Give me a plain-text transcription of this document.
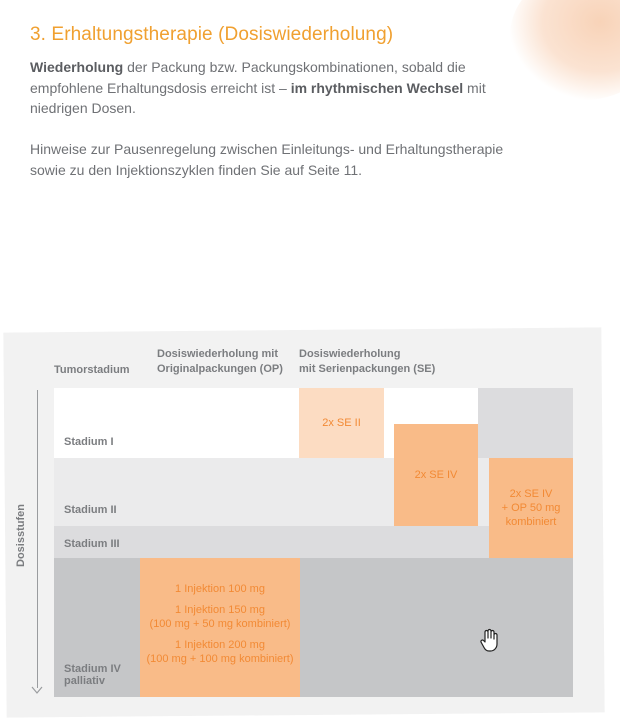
3. Erhaltungstherapie (Dosiswiederholung)

Wiederholung der Packung bzw. Packungskombinationen, sobald die empfohlene Erhaltungsdosis erreicht ist – im rhythmischen Wechsel mit niedrigen Dosen.

Hinweise zur Pausenregelung zwischen Einleitungs- und Erhaltungstherapie sowie zu den Injektionszyklen finden Sie auf Seite 11.

Tumorstadium
Dosiswiederholung mit
Originalpackungen (OP)
Dosiswiederholung
mit Serienpackungen (SE)
Stadium I
Stadium II
Stadium III
Stadium IV
palliativ
2x SE II
2x SE IV
2x SE IV
+ OP 50 mg
kombiniert
1 Injektion 100 mg
1 Injektion 150 mg
(100 mg + 50 mg kombiniert)
1 Injektion 200 mg
(100 mg + 100 mg kombiniert)
Dosisstufen
